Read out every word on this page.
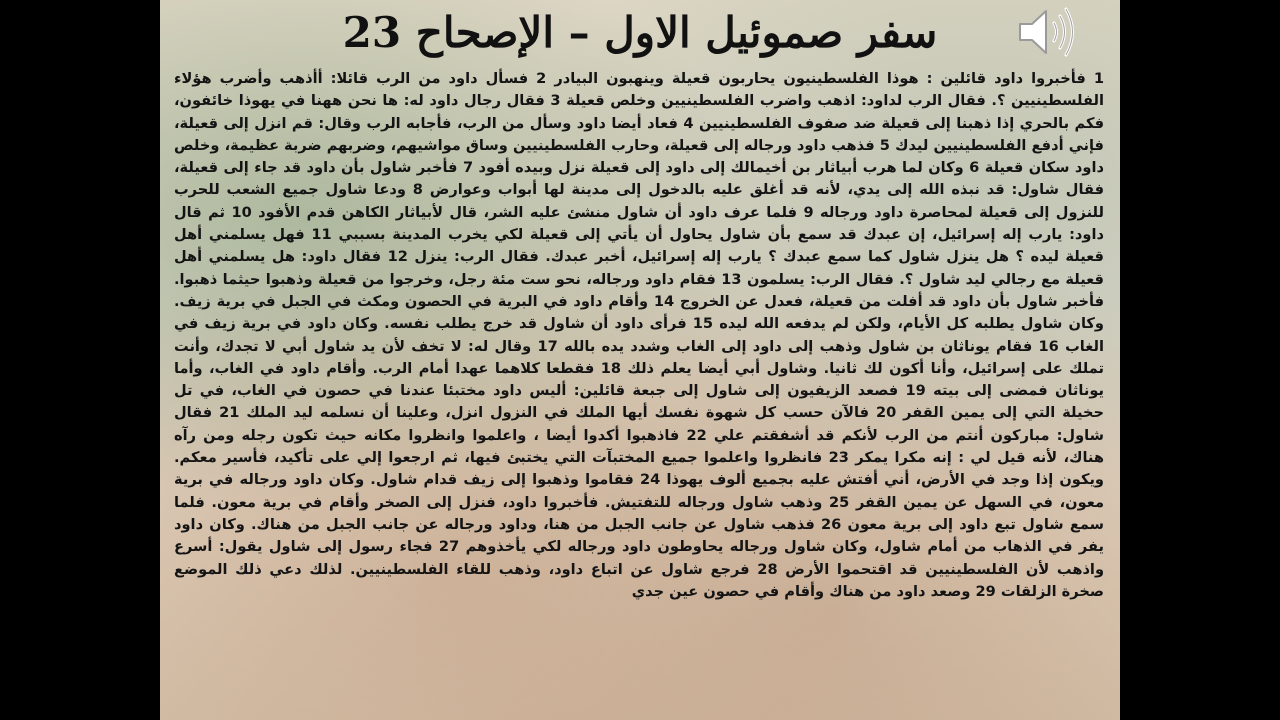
سفر صموئيل الاول – الإصحاح 23
1 فأخبروا داود قائلين : هوذا الفلسطينيون يحاربون قعيلة وينهبون البيادر 2 فسأل داود من الرب قائلا: أأذهب وأضرب هؤلاء الفلسطينيين ؟. فقال الرب لداود: اذهب واضرب الفلسطينيين وخلص قعيلة 3 فقال رجال داود له: ها نحن ههنا في يهوذا خائفون، فكم بالحري إذا ذهبنا إلى قعيلة ضد صفوف الفلسطينيين 4 فعاد أيضا داود وسأل من الرب، فأجابه الرب وقال: قم انزل إلى قعيلة، فإني أدفع الفلسطينيين ليدك 5 فذهب داود ورجاله إلى قعيلة، وحارب الفلسطينيين وساق مواشيهم، وضربهم ضربة عظيمة، وخلص داود سكان قعيلة 6 وكان لما هرب أبياثار بن أخيمالك إلى داود إلى قعيلة نزل وبيده أفود 7 فأخبر شاول بأن داود قد جاء إلى قعيلة، فقال شاول: قد نبذه الله إلى يدي، لأنه قد أغلق عليه بالدخول إلى مدينة لها أبواب وعوارض 8 ودعا شاول جميع الشعب للحرب للنزول إلى قعيلة لمحاصرة داود ورجاله 9 فلما عرف داود أن شاول منشئ عليه الشر، قال لأبياثار الكاهن قدم الأفود 10 ثم قال داود: يارب إله إسرائيل، إن عبدك قد سمع بأن شاول يحاول أن يأتي إلى قعيلة لكي يخرب المدينة بسببي 11 فهل يسلمني أهل قعيلة ليده ؟ هل ينزل شاول كما سمع عبدك ؟ يارب إله إسرائيل، أخبر عبدك. فقال الرب: ينزل 12 فقال داود: هل يسلمني أهل قعيلة مع رجالي ليد شاول ؟. فقال الرب: يسلمون 13 فقام داود ورجاله، نحو ست مئة رجل، وخرجوا من قعيلة وذهبوا حيثما ذهبوا. فأخبر شاول بأن داود قد أفلت من قعيلة، فعدل عن الخروج 14 وأقام داود في البرية في الحصون ومكث في الجبل في برية زيف. وكان شاول يطلبه كل الأيام، ولكن لم يدفعه الله ليده 15 فرأى داود أن شاول قد خرج يطلب نفسه. وكان داود في برية زيف في الغاب 16 فقام يوناثان بن شاول وذهب إلى داود إلى الغاب وشدد يده بالله 17 وقال له: لا تخف لأن يد شاول أبي لا تجدك، وأنت تملك على إسرائيل، وأنا أكون لك ثانيا. وشاول أبي أيضا يعلم ذلك 18 فقطعا كلاهما عهدا أمام الرب. وأقام داود في الغاب، وأما يوناثان فمضى إلى بيته 19 فصعد الزيفيون إلى شاول إلى جبعة قائلين: أليس داود مختبئا عندنا في حصون في الغاب، في تل حخيلة التي إلى يمين القفر 20 فالآن حسب كل شهوة نفسك أيها الملك في النزول انزل، وعلينا أن نسلمه ليد الملك 21 فقال شاول: مباركون أنتم من الرب لأنكم قد أشفقتم علي 22 فاذهبوا أكدوا أيضا ، واعلموا وانظروا مكانه حيث تكون رجله ومن رآه هناك، لأنه قيل لي : إنه مكرا يمكر 23 فانظروا واعلموا جميع المختبآت التي يختبئ فيها، ثم ارجعوا إلي على تأكيد، فأسير معكم. ويكون إذا وجد في الأرض، أني أفتش عليه بجميع ألوف يهوذا 24 فقاموا وذهبوا إلى زيف قدام شاول. وكان داود ورجاله في برية معون، في السهل عن يمين القفر 25 وذهب شاول ورجاله للتفتيش. فأخبروا داود، فنزل إلى الصخر وأقام في برية معون. فلما سمع شاول تبع داود إلى برية معون 26 فذهب شاول عن جانب الجبل من هنا، وداود ورجاله عن جانب الجبل من هناك. وكان داود يفر في الذهاب من أمام شاول، وكان شاول ورجاله يحاوطون داود ورجاله لكي يأخذوهم 27 فجاء رسول إلى شاول يقول: أسرع واذهب لأن الفلسطينيين قد اقتحموا الأرض 28 فرجع شاول عن اتباع داود، وذهب للقاء الفلسطينيين. لذلك دعي ذلك الموضع صخرة الزلقات 29 وصعد داود من هناك وأقام في حصون عين جدي
